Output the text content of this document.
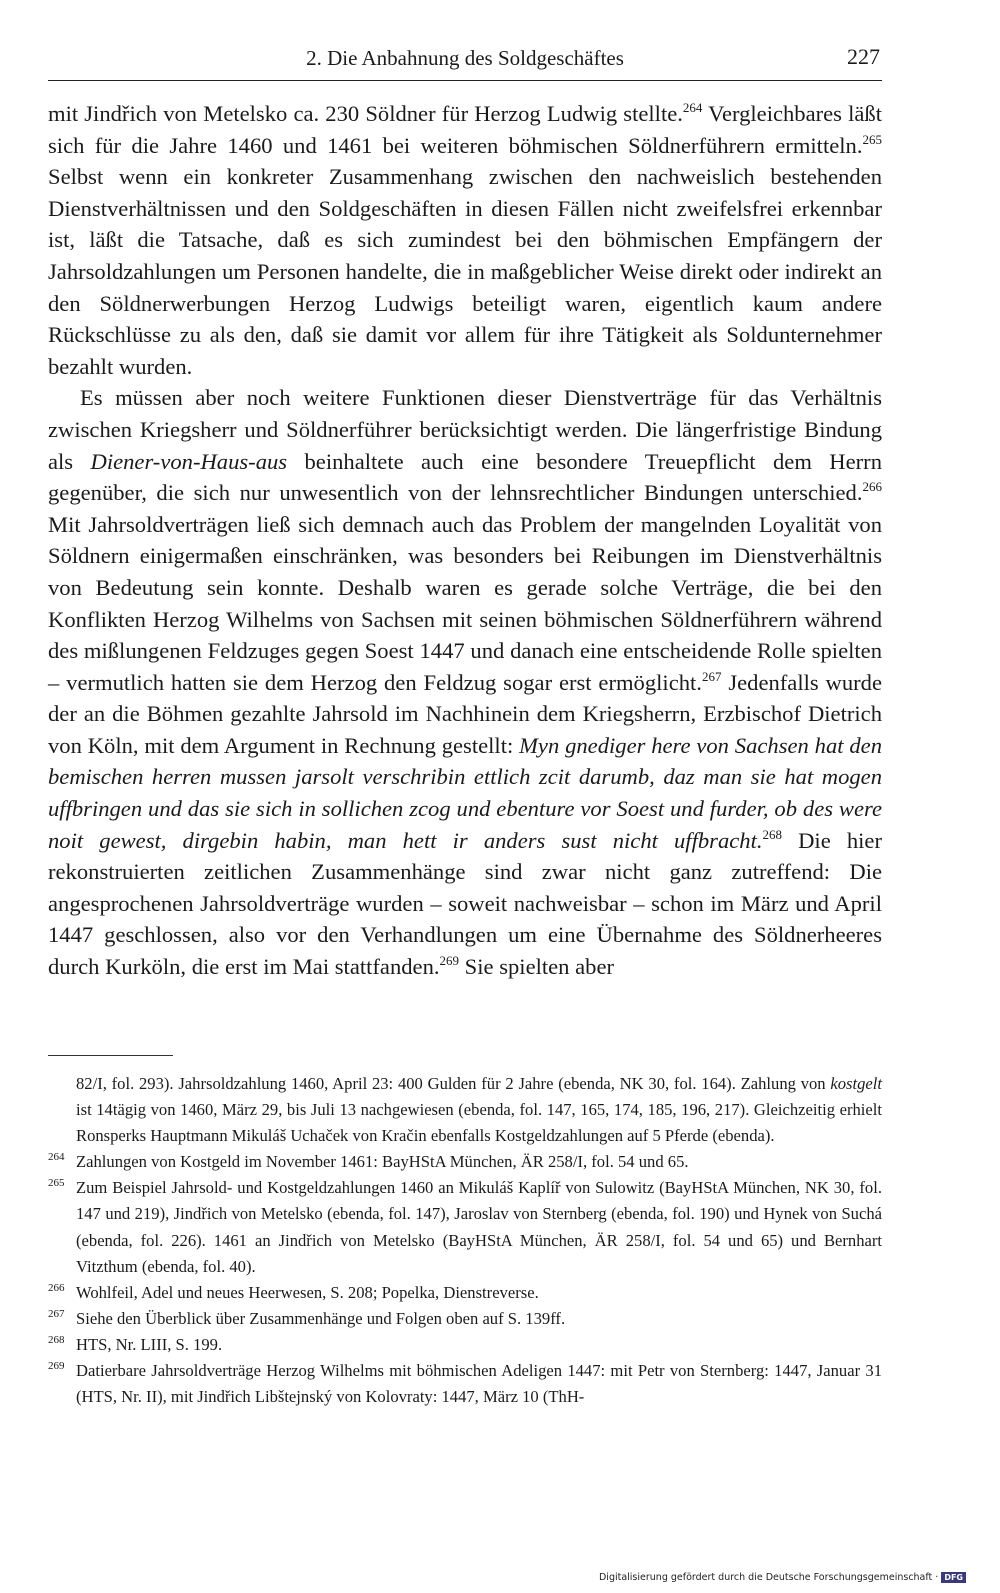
2. Die Anbahnung des Soldgeschäftes	227

mit Jindřich von Metelsko ca. 230 Söldner für Herzog Ludwig stellte.$^{264}$ Vergleichbares läßt sich für die Jahre 1460 und 1461 bei weiteren böhmischen Söldnerführern ermitteln.$^{265}$ Selbst wenn ein konkreter Zusammenhang zwischen den nachweislich bestehenden Dienstverhältnissen und den Soldgeschäften in diesen Fällen nicht zweifelsfrei erkennbar ist, läßt die Tatsache, daß es sich zumindest bei den böhmischen Empfängern der Jahrsoldzahlungen um Personen handelte, die in maßgeblicher Weise direkt oder indirekt an den Söldnerwerbungen Herzog Ludwigs beteiligt waren, eigentlich kaum andere Rückschlüsse zu als den, daß sie damit vor allem für ihre Tätigkeit als Soldunternehmer bezahlt wurden.

Es müssen aber noch weitere Funktionen dieser Dienstverträge für das Verhältnis zwischen Kriegsherr und Söldnerführer berücksichtigt werden. Die längerfristige Bindung als Diener-von-Haus-aus beinhaltete auch eine besondere Treuepflicht dem Herrn gegenüber, die sich nur unwesentlich von der lehnsrechtlicher Bindungen unterschied.$^{266}$ Mit Jahrsoldverträgen ließ sich demnach auch das Problem der mangelnden Loyalität von Söldnern einigermaßen einschränken, was besonders bei Reibungen im Dienstverhältnis von Bedeutung sein konnte. Deshalb waren es gerade solche Verträge, die bei den Konflikten Herzog Wilhelms von Sachsen mit seinen böhmischen Söldnerführern während des mißlungenen Feldzuges gegen Soest 1447 und danach eine entscheidende Rolle spielten – vermutlich hatten sie dem Herzog den Feldzug sogar erst ermöglicht.$^{267}$ Jedenfalls wurde der an die Böhmen gezahlte Jahrsold im Nachhinein dem Kriegsherrn, Erzbischof Dietrich von Köln, mit dem Argument in Rechnung gestellt: Myn gnediger here von Sachsen hat den bemischen herren mussen jarsolt verschribin ettlich zcit darumb, daz man sie hat mogen uffbringen und das sie sich in sollichen zcog und ebenture vor Soest und furder, ob des were noit gewest, dirgebin habin, man hett ir anders sust nicht uffbracht.$^{268}$ Die hier rekonstruierten zeitlichen Zusammenhänge sind zwar nicht ganz zutreffend: Die angesprochenen Jahrsoldverträge wurden – soweit nachweisbar – schon im März und April 1447 geschlossen, also vor den Verhandlungen um eine Übernahme des Söldnerheeres durch Kurköln, die erst im Mai stattfanden.$^{269}$ Sie spielten aber

82/I, fol. 293). Jahrsoldzahlung 1460, April 23: 400 Gulden für 2 Jahre (ebenda, NK 30, fol. 164). Zahlung von kostgelt ist 14tägig von 1460, März 29, bis Juli 13 nachgewiesen (ebenda, fol. 147, 165, 174, 185, 196, 217). Gleichzeitig erhielt Ronsperks Hauptmann Mikuláš Uchaček von Kračin ebenfalls Kostgeldzahlungen auf 5 Pferde (ebenda).
264 Zahlungen von Kostgeld im November 1461: BayHStA München, ÄR 258/I, fol. 54 und 65.
265 Zum Beispiel Jahrsold- und Kostgeldzahlungen 1460 an Mikuláš Kaplíř von Sulowitz (BayHStA München, NK 30, fol. 147 und 219), Jindřich von Metelsko (ebenda, fol. 147), Jaroslav von Sternberg (ebenda, fol. 190) und Hynek von Suchá (ebenda, fol. 226). 1461 an Jindřich von Metelsko (BayHStA München, ÄR 258/I, fol. 54 und 65) und Bernhart Vitzthum (ebenda, fol. 40).
266 Wohlfeil, Adel und neues Heerwesen, S. 208; Popelka, Dienstreverse.
267 Siehe den Überblick über Zusammenhänge und Folgen oben auf S. 139ff.
268 HTS, Nr. LIII, S. 199.
269 Datierbare Jahrsoldverträge Herzog Wilhelms mit böhmischen Adeligen 1447: mit Petr von Sternberg: 1447, Januar 31 (HTS, Nr. II), mit Jindřich Libštejnský von Kolovraty: 1447, März 10 (ThH-
Digitalisierung gefördert durch die Deutsche Forschungsgemeinschaft · DFG
